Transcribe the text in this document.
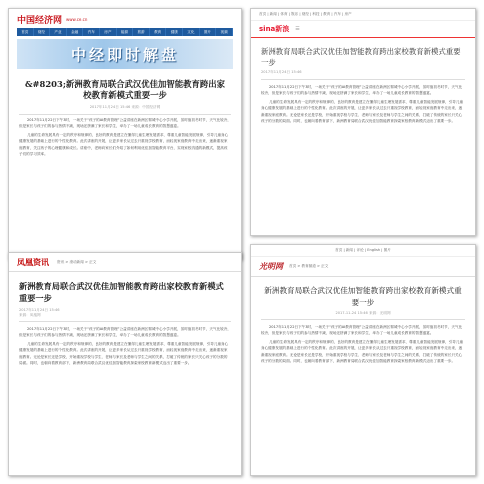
中国经济网 www.ce.cn
首页	财经	产业	金融	汽车	房产	能源	旅游	教育	健康	文化	图片	视频
中经即时解盘
&#8203;新洲教育局联合武汉优佳加智能教育跨出家校教育新模式重要一步
2017年11月24日 15:46 来源：中国经济网

2017年11月22日下午3时，一场关于“孩子的AI教育管理”公益讲座在新洲区邾城中心小学开展，虽时值初冬时节，天气比较冷，但是家长与孩子们的参与热情不减，现场还挤满了家长和学生，举办了一场儿童成长教育的智慧盛宴。

儿童的生命发展具有一定的秩序和规律的，良好的教育是建立在懂得儿童生理发展需求、尊重儿童智能发展规律，引导儿童身心健康发展的基础上进行的个性化教育。此次讲座的开展，让更多家长从过去只重视学校教育，而轻视家庭教育中走出来，逐渐重视家庭教育，关注孩子的心理健康和成长。讲座中，老师向家长们介绍了如何利用优佳加智能教育平台，实现家校沟通的新模式，提高孩子们的学习效率。

首页 | 新闻 | 体育 | 娱乐 | 财经 | 科技 | 教育 | 汽车 | 房产
sina新浪 ☰
新洲教育局联合武汉优佳加智能教育跨出家校教育新模式重要一步
2017年11月24日 15:46

2017年11月22日下午3时，一场关于“孩子的AI教育管理”公益讲座在新洲区邾城中心小学开展，虽时值初冬时节，天气比较冷，但是家长与孩子们的参与热情不减，现场还挤满了家长和学生，举办了一场儿童成长教育的智慧盛宴。

儿童的生命发展具有一定的秩序和规律的，良好的教育是建立在懂得儿童生理发展需求、尊重儿童智能发展规律，引导儿童身心健康发展的基础上进行的个性化教育。此次讲座的开展，让更多家长从过去只重视学校教育，而轻视家庭教育中走出来，逐渐重视家庭教育。无论是家长还是学校，开始重视学校与学生、老师与家长及老师与学生之间的关系，打破了传统的家长只关心孩子的分数的局面。同时，也朝向着教育部下，新洲教育局联合武汉优佳加智能教育探索家校教育新模式迈出了重要一步。

凤凰资讯 资讯 > 滚动新闻 > 正文
新洲教育局联合武汉优佳加智能教育跨出家校教育新模式重要一步
2017年11月24日 15:46
来源：凤凰网

2017年11月22日下午3时，一场关于“孩子的AI教育管理”公益讲座在新洲区邾城中心小学开展，虽时值初冬时节，天气比较冷，但是家长与孩子们的参与热情不减，现场还挤满了家长和学生，举办了一场儿童成长教育的智慧盛宴。

儿童的生命发展具有一定的秩序和规律的，良好的教育是建立在懂得儿童生理发展需求、尊重儿童智能发展规律，引导儿童身心健康发展的基础上进行的个性化教育。此次讲座的开展，让更多家长从过去只重视学校教育，而轻视家庭教育中走出来，逐渐重视家庭教育。无论是家长还是学校，开始重视学校与学生、老师与家长及老师与学生之间的关系，打破了传统的家长只关心孩子的分数的局面。同时，也朝向着教育部下，新洲教育局联合武汉优佳加智能教育探索家校教育新模式迈出了重要一步。

首页 | 新闻 | 评论 | English | 图片
光明网 首页 > 教育频道 > 正文
新洲教育局联合武汉优佳加智能教育跨出家校教育新模式重要一步
2017-11-24 15:46 来源：光明网

2017年11月22日下午3时，一场关于“孩子的AI教育管理”公益讲座在新洲区邾城中心小学开展，虽时值初冬时节，天气比较冷，但是家长与孩子们的参与热情不减，现场还挤满了家长和学生，举办了一场儿童成长教育的智慧盛宴。

儿童的生命发展具有一定的秩序和规律的，良好的教育是建立在懂得儿童生理发展需求、尊重儿童智能发展规律，引导儿童身心健康发展的基础上进行的个性化教育。此次讲座的开展，让更多家长从过去只重视学校教育，而轻视家庭教育中走出来，逐渐重视家庭教育。无论是家长还是学校，开始重视学校与学生、老师与家长及老师与学生之间的关系，打破了传统的家长只关心孩子的分数的局面。同时，也朝向着教育部下，新洲教育局联合武汉优佳加智能教育探索家校教育新模式迈出了重要一步。
